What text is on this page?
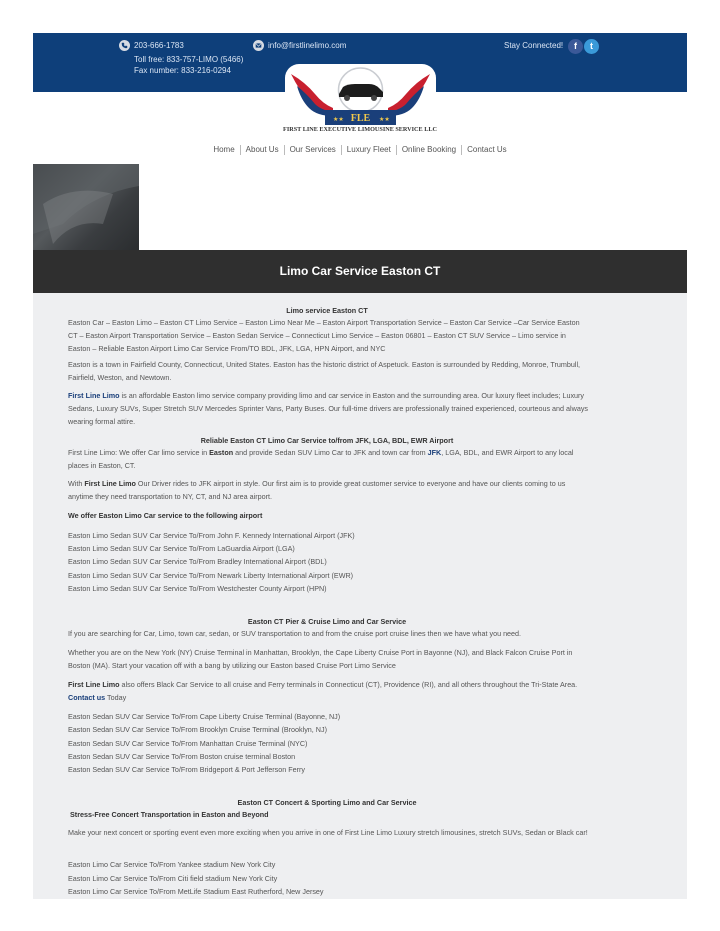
203-666-1783
Toll free: 833-757-LIMO (5466)
Fax number: 833-216-0294
info@firstlinelimo.com	Stay Connected!	f	t
FLE
★★	★★
FIRST LINE EXECUTIVE LIMOUSINE SERVICE LLC
Home About Us Our Services Luxury Fleet Online Booking Contact Us
Limo Car Service Easton CT
Limo service Easton CT
Easton Car – Easton Limo – Easton CT Limo Service – Easton Limo Near Me – Easton Airport Transportation Service – Easton Car Service –Car Service Easton CT – Easton Airport Transportation Service – Easton Sedan Service – Connecticut Limo Service – Easton 06801 – Easton CT SUV Service – Limo service in Easton – Reliable Easton Airport Limo Car Service From/TO BDL, JFK, LGA, HPN Airport, and NYC
Easton is a town in Fairfield County, Connecticut, United States. Easton has the historic district of Aspetuck. Easton is surrounded by Redding, Monroe, Trumbull, Fairfield, Weston, and Newtown.
First Line Limo is an affordable Easton limo service company providing limo and car service in Easton and the surrounding area. Our luxury fleet includes; Luxury Sedans, Luxury SUVs, Super Stretch SUV Mercedes Sprinter Vans, Party Buses. Our full-time drivers are professionally trained experienced, courteous and always wearing formal attire.
Reliable Easton CT Limo Car Service to/from JFK, LGA, BDL, EWR Airport
First Line Limo: We offer Car limo service in Easton and provide Sedan SUV Limo Car to JFK and town car from JFK, LGA, BDL, and EWR Airport to any local places in Easton, CT.
With First Line Limo Our Driver rides to JFK airport in style. Our first aim is to provide great customer service to everyone and have our clients coming to us anytime they need transportation to NY, CT, and NJ area airport.
We offer Easton Limo Car service to the following airport
Easton Limo Sedan SUV Car Service To/From John F. Kennedy International Airport (JFK)
Easton Limo Sedan SUV Car Service To/From LaGuardia Airport (LGA)
Easton Limo Sedan SUV Car Service To/From Bradley International Airport (BDL)
Easton Limo Sedan SUV Car Service To/From Newark Liberty International Airport (EWR)
Easton Limo Sedan SUV Car Service To/From Westchester County Airport (HPN)
Easton CT Pier & Cruise Limo and Car Service
If you are searching for Car, Limo, town car, sedan, or SUV transportation to and from the cruise port cruise lines then we have what you need.
Whether you are on the New York (NY) Cruise Terminal in Manhattan, Brooklyn, the Cape Liberty Cruise Port in Bayonne (NJ), and Black Falcon Cruise Port in Boston (MA). Start your vacation off with a bang by utilizing our Easton based Cruise Port Limo Service
First Line Limo also offers Black Car Service to all cruise and Ferry terminals in Connecticut (CT), Providence (RI), and all others throughout the Tri-State Area. Contact us Today
Easton Sedan SUV Car Service To/From Cape Liberty Cruise Terminal (Bayonne, NJ)
Easton Sedan SUV Car Service To/From Brooklyn Cruise Terminal (Brooklyn, NJ)
Easton Sedan SUV Car Service To/From Manhattan Cruise Terminal (NYC)
Easton Sedan SUV Car Service To/From Boston cruise terminal Boston
Easton Sedan SUV Car Service To/From Bridgeport & Port Jefferson Ferry
Easton CT Concert & Sporting Limo and Car Service
Stress-Free Concert Transportation in Easton and Beyond
Make your next concert or sporting event even more exciting when you arrive in one of First Line Limo Luxury stretch limousines, stretch SUVs, Sedan or Black car!
Easton Limo Car Service To/From Yankee stadium New York City
Easton Limo Car Service To/From Citi field stadium New York City
Easton Limo Car Service To/From MetLife Stadium East Rutherford, New Jersey
